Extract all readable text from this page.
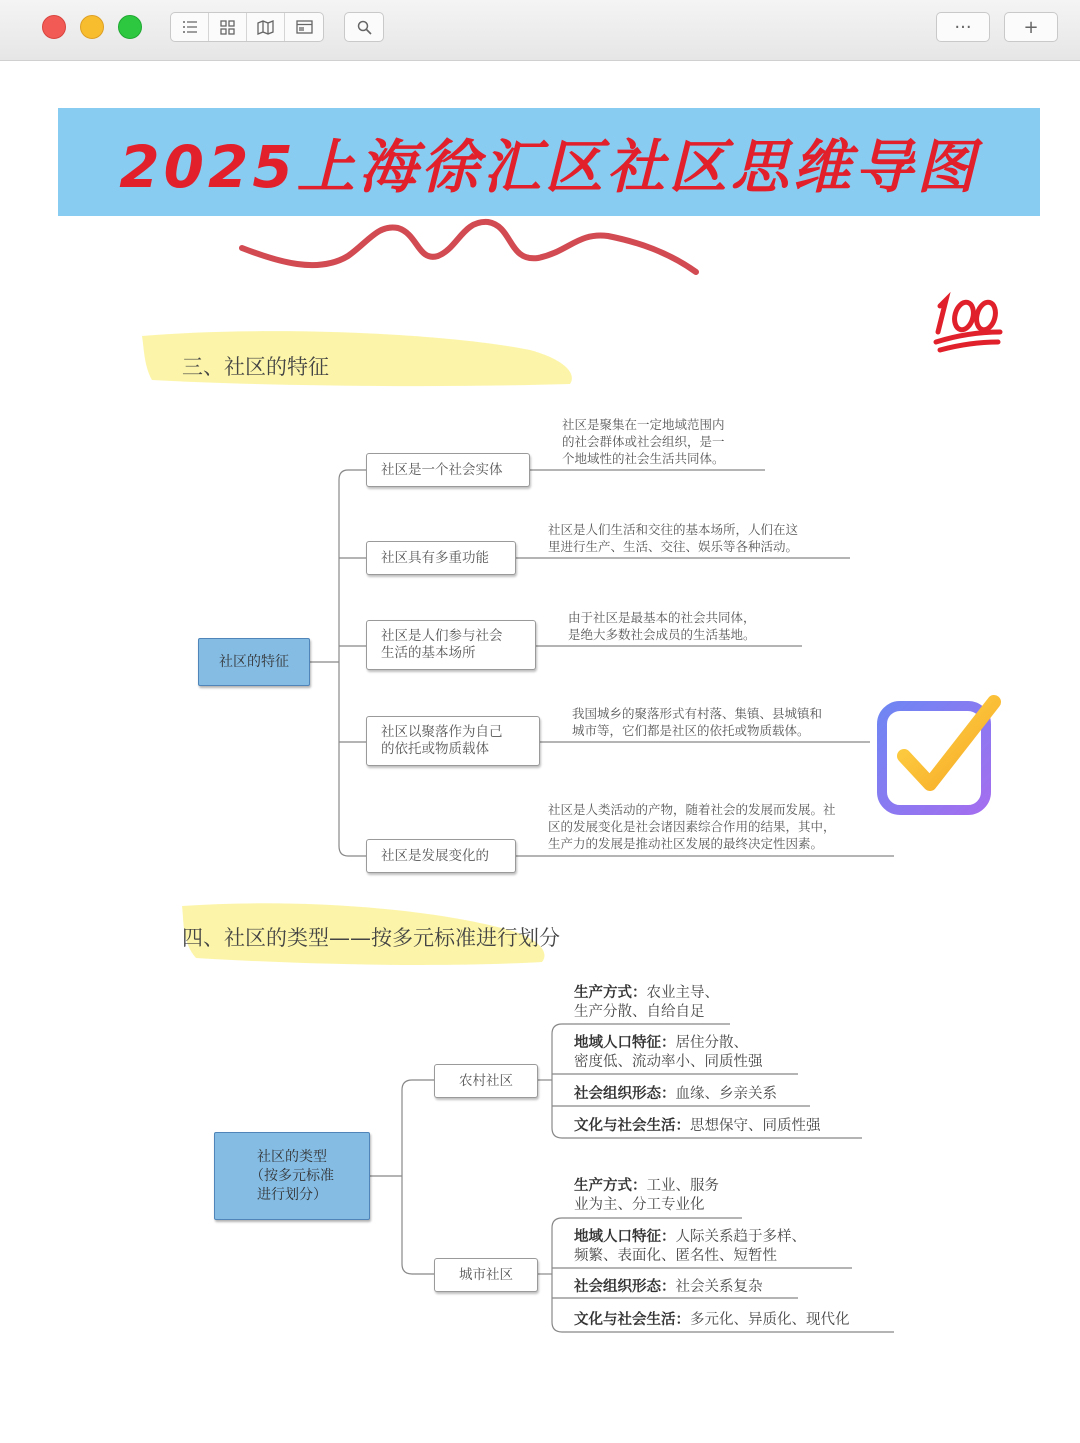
···	+
2025上海徐汇区社区思维导图
三、社区的特征
社区的特征
社区是一个社会实体
社区具有多重功能
社区是人们参与社会
生活的基本场所
社区以聚落作为自己
的依托或物质载体
社区是发展变化的
社区是聚集在一定地域范围内
的社会群体或社会组织，是一
个地域性的社会生活共同体。
社区是人们生活和交往的基本场所，人们在这
里进行生产、生活、交往、娱乐等各种活动。
由于社区是最基本的社会共同体，
是绝大多数社会成员的生活基地。
我国城乡的聚落形式有村落、集镇、县城镇和
城市等，它们都是社区的依托或物质载体。
社区是人类活动的产物，随着社会的发展而发展。社
区的发展变化是社会诸因素综合作用的结果，其中，
生产力的发展是推动社区发展的最终决定性因素。
四、社区的类型——按多元标准进行划分
社区的类型
（按多元标准
进行划分）
农村社区
城市社区
生产方式：农业主导、
生产分散、自给自足
地域人口特征：居住分散、
密度低、流动率小、同质性强
社会组织形态：血缘、乡亲关系
文化与社会生活：思想保守、同质性强
生产方式：工业、服务
业为主、分工专业化
地域人口特征：人际关系趋于多样、
频繁、表面化、匿名性、短暂性
社会组织形态：社会关系复杂
文化与社会生活：多元化、异质化、现代化
